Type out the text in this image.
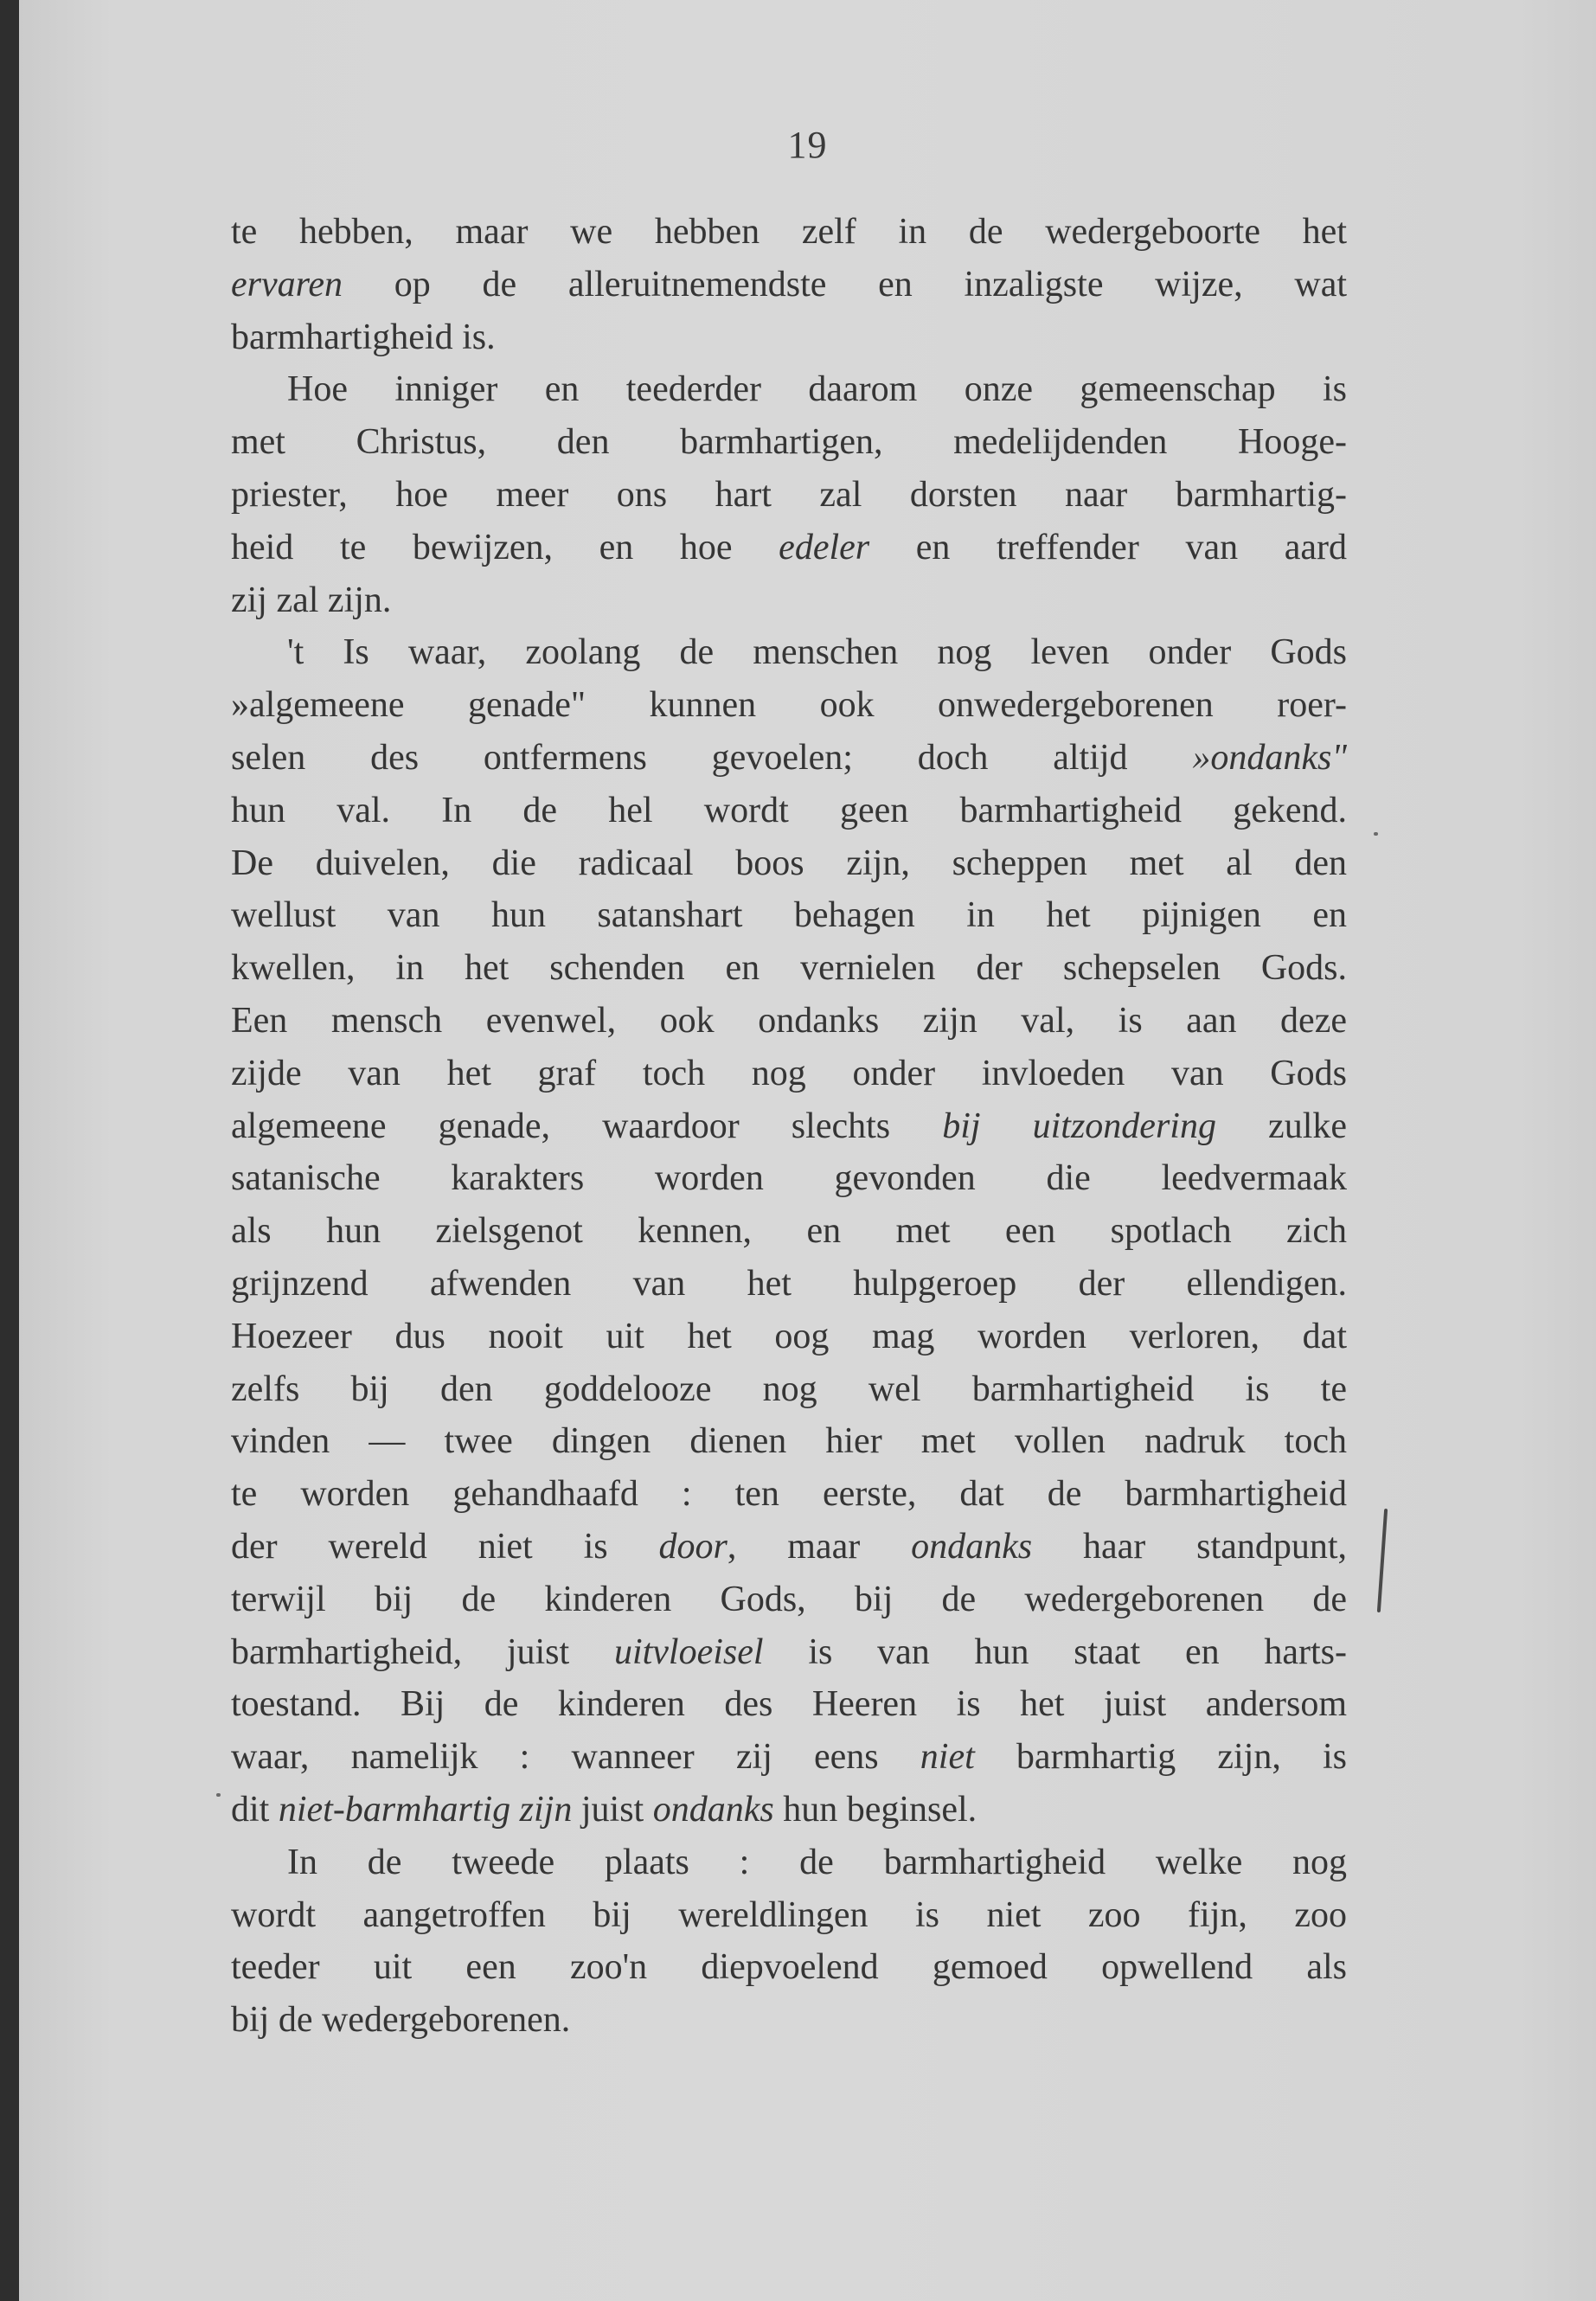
19
te hebben, maar we hebben zelf in de wedergeboorte het
ervaren op de alleruitnemendste en inzaligste wijze, wat
barmhartigheid is.
Hoe inniger en teederder daarom onze gemeenschap is
met Christus, den barmhartigen, medelijdenden Hooge-
priester, hoe meer ons hart zal dorsten naar barmhartig-
heid te bewijzen, en hoe edeler en treffender van aard
zij zal zijn.
't Is waar, zoolang de menschen nog leven onder Gods
»algemeene genade" kunnen ook onwedergeborenen roer-
selen des ontfermens gevoelen; doch altijd »ondanks"
hun val. In de hel wordt geen barmhartigheid gekend.
De duivelen, die radicaal boos zijn, scheppen met al den
wellust van hun satanshart behagen in het pijnigen en
kwellen, in het schenden en vernielen der schepselen Gods.
Een mensch evenwel, ook ondanks zijn val, is aan deze
zijde van het graf toch nog onder invloeden van Gods
algemeene genade, waardoor slechts bij uitzondering zulke
satanische karakters worden gevonden die leedvermaak
als hun zielsgenot kennen, en met een spotlach zich
grijnzend afwenden van het hulpgeroep der ellendigen.
Hoezeer dus nooit uit het oog mag worden verloren, dat
zelfs bij den goddelooze nog wel barmhartigheid is te
vinden — twee dingen dienen hier met vollen nadruk toch
te worden gehandhaafd : ten eerste, dat de barmhartigheid
der wereld niet is door, maar ondanks haar standpunt,
terwijl bij de kinderen Gods, bij de wedergeborenen de
barmhartigheid, juist uitvloeisel is van hun staat en harts-
toestand. Bij de kinderen des Heeren is het juist andersom
waar, namelijk : wanneer zij eens niet barmhartig zijn, is
dit niet-barmhartig zijn juist ondanks hun beginsel.
In de tweede plaats : de barmhartigheid welke nog
wordt aangetroffen bij wereldlingen is niet zoo fijn, zoo
teeder uit een zoo'n diepvoelend gemoed opwellend als
bij de wedergeborenen.
